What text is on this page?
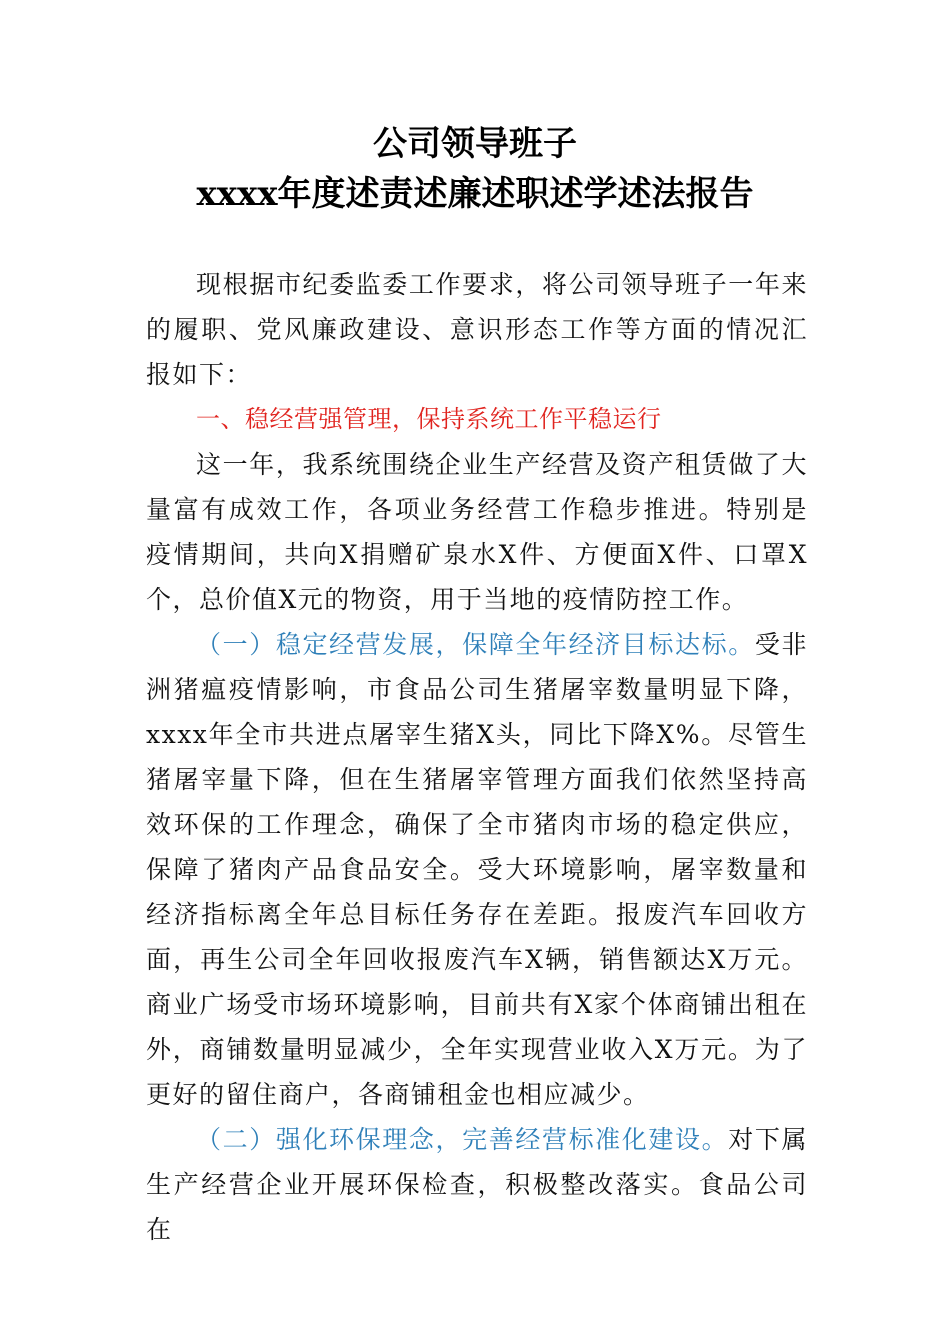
公司领导班子
xxxx年度述责述廉述职述学述法报告

现根据市纪委监委工作要求，将公司领导班子一年来的履职、党风廉政建设、意识形态工作等方面的情况汇报如下：

一、稳经营强管理，保持系统工作平稳运行

这一年，我系统围绕企业生产经营及资产租赁做了大量富有成效工作，各项业务经营工作稳步推进。特别是疫情期间，共向X捐赠矿泉水X件、方便面X件、口罩X个，总价值X元的物资，用于当地的疫情防控工作。

（一）稳定经营发展，保障全年经济目标达标。受非洲猪瘟疫情影响，市食品公司生猪屠宰数量明显下降，xxxx年全市共进点屠宰生猪X头，同比下降X%。尽管生猪屠宰量下降，但在生猪屠宰管理方面我们依然坚持高效环保的工作理念，确保了全市猪肉市场的稳定供应，保障了猪肉产品食品安全。受大环境影响，屠宰数量和经济指标离全年总目标任务存在差距。报废汽车回收方面，再生公司全年回收报废汽车X辆，销售额达X万元。商业广场受市场环境影响，目前共有X家个体商铺出租在外，商铺数量明显减少，全年实现营业收入X万元。为了更好的留住商户，各商铺租金也相应减少。

（二）强化环保理念，完善经营标准化建设。对下属生产经营企业开展环保检查，积极整改落实。食品公司在
